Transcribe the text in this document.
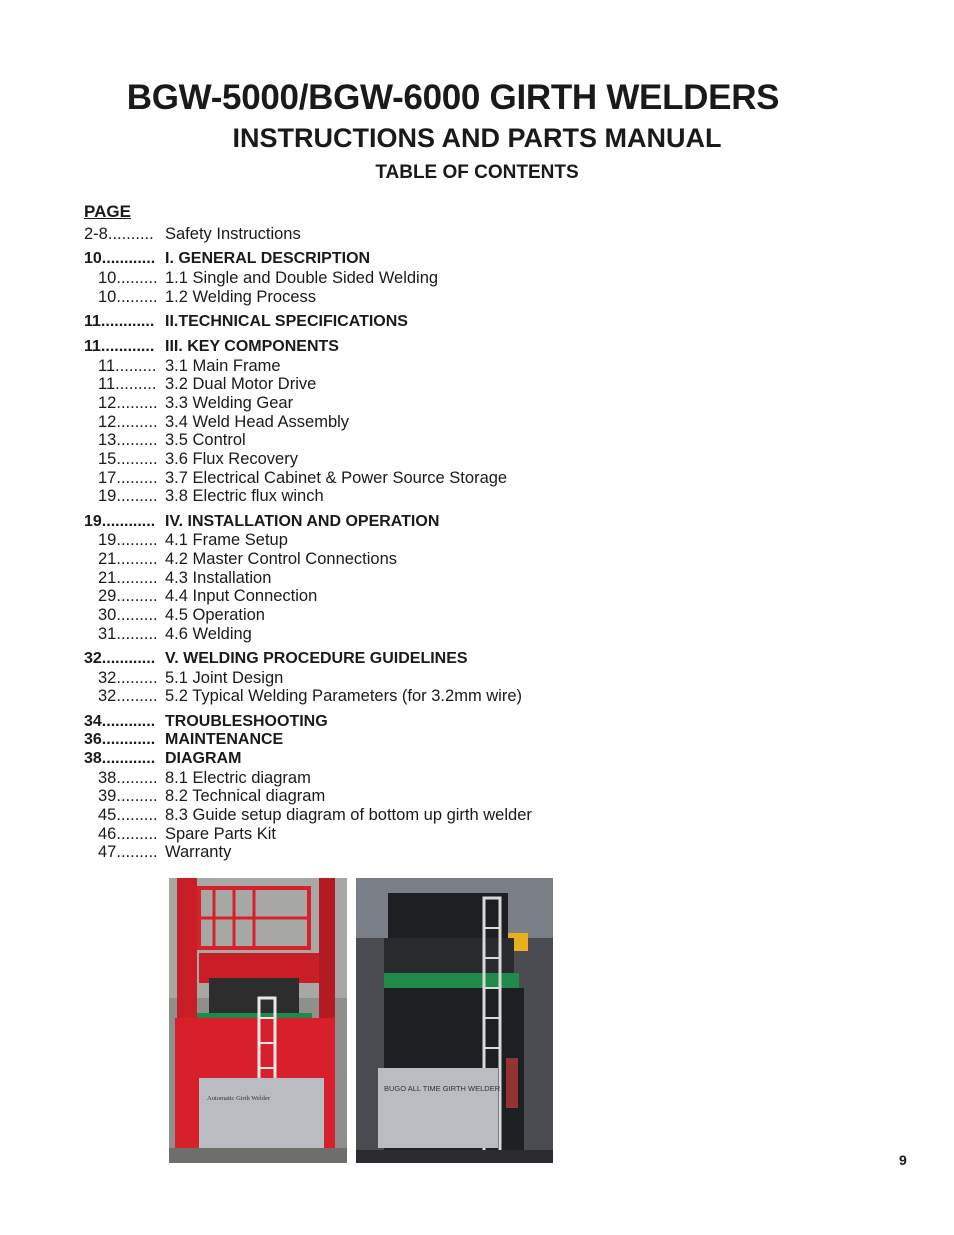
BGW-5000/BGW-6000 GIRTH WELDERS
INSTRUCTIONS AND PARTS MANUAL
TABLE OF CONTENTS
PAGE
2-8.......... Safety Instructions
10............ I. GENERAL DESCRIPTION
10......... 1.1 Single and Double Sided Welding
10......... 1.2 Welding Process
11............ II.TECHNICAL SPECIFICATIONS
11............ III. KEY COMPONENTS
11......... 3.1 Main Frame
11......... 3.2 Dual Motor Drive
12......... 3.3 Welding Gear
12......... 3.4 Weld Head Assembly
13......... 3.5 Control
15......... 3.6 Flux Recovery
17......... 3.7 Electrical Cabinet & Power Source Storage
19......... 3.8 Electric flux winch
19............ IV. INSTALLATION AND OPERATION
19......... 4.1 Frame Setup
21......... 4.2 Master Control Connections
21......... 4.3 Installation
29......... 4.4 Input Connection
30......... 4.5 Operation
31......... 4.6 Welding
32............ V. WELDING PROCEDURE GUIDELINES
32......... 5.1 Joint Design
32......... 5.2 Typical Welding Parameters (for 3.2mm wire)
34............ TROUBLESHOOTING
36............ MAINTENANCE
38............ DIAGRAM
38......... 8.1 Electric diagram
39......... 8.2 Technical diagram
45......... 8.3 Guide setup diagram of bottom up girth welder
46......... Spare Parts Kit
47......... Warranty
Automatic Girth Welder
BUGO ALL TIME GIRTH WELDER
9
